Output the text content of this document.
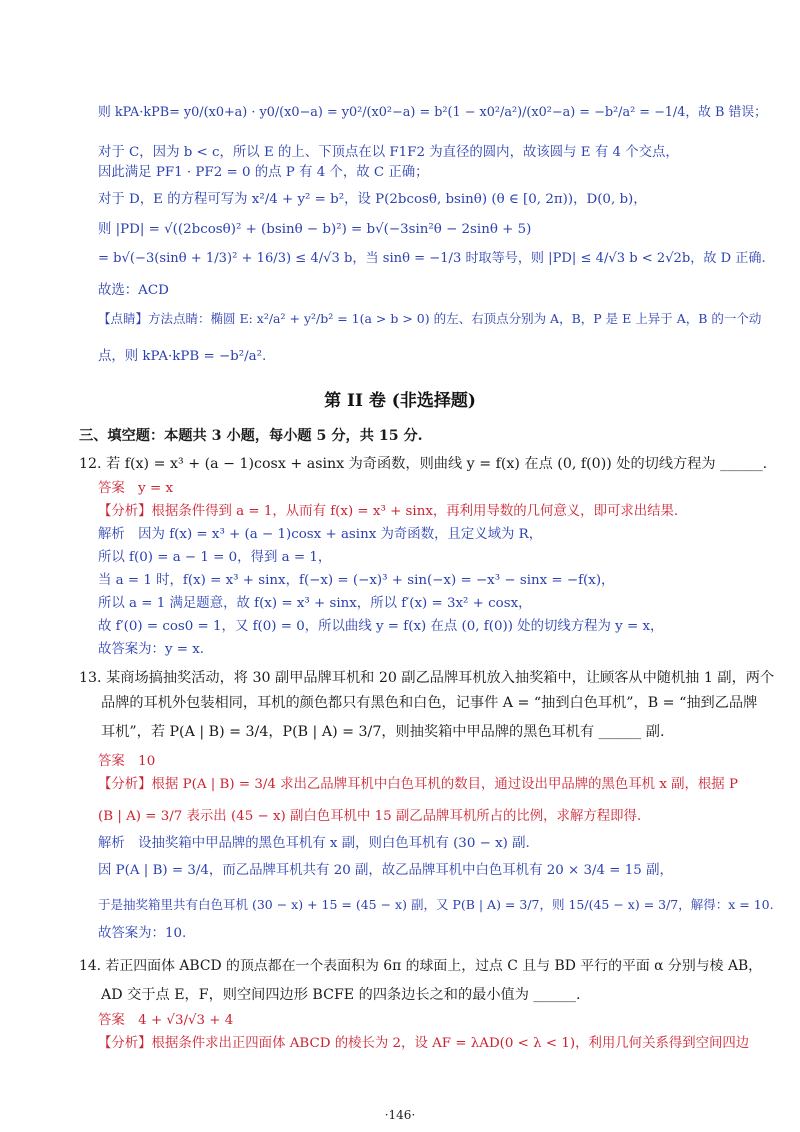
则 kPA·kPB= y0/(x0+a) · y0/(x0−a) = y0²/(x0²−a) = b²(1 − x0²/a²)/(x0²−a) = −b²/a² = −1/4，故 B 错误；
对于 C，因为 b < c，所以 E 的上、下顶点在以 F1F2 为直径的圆内，故该圆与 E 有 4 个交点，
因此满足 PF1 · PF2 = 0 的点 P 有 4 个，故 C 正确；
对于 D，E 的方程可写为 x²/4 + y² = b²，设 P(2bcosθ, bsinθ) (θ ∈ [0, 2π))，D(0, b)，
则 |PD| = √((2bcosθ)² + (bsinθ − b)²) = b√(−3sin²θ − 2sinθ + 5)
= b√(−3(sinθ + 1/3)² + 16/3) ≤ 4/√3 b，当 sinθ = −1/3 时取等号，则 |PD| ≤ 4/√3 b < 2√2b，故 D 正确.
故选：ACD
【点睛】方法点睛：椭圆 E: x²/a² + y²/b² = 1(a > b > 0) 的左、右顶点分别为 A，B，P 是 E 上异于 A，B 的一个动
点，则 kPA·kPB = −b²/a².
三、填空题：本题共 3 小题，每小题 5 分，共 15 分.
12. 若 f(x) = x³ + (a − 1)cosx + asinx 为奇函数，则曲线 y = f(x) 在点 (0, f(0)) 处的切线方程为 ______.
答案　y = x
【分析】根据条件得到 a = 1，从而有 f(x) = x³ + sinx，再利用导数的几何意义，即可求出结果.
解析　因为 f(x) = x³ + (a − 1)cosx + asinx 为奇函数，且定义域为 R，
所以 f(0) = a − 1 = 0，得到 a = 1，
当 a = 1 时，f(x) = x³ + sinx，f(−x) = (−x)³ + sin(−x) = −x³ − sinx = −f(x)，
所以 a = 1 满足题意，故 f(x) = x³ + sinx，所以 f′(x) = 3x² + cosx，
故 f′(0) = cos0 = 1，又 f(0) = 0，所以曲线 y = f(x) 在点 (0, f(0)) 处的切线方程为 y = x，
故答案为：y = x.
13. 某商场搞抽奖活动，将 30 副甲品牌耳机和 20 副乙品牌耳机放入抽奖箱中，让顾客从中随机抽 1 副，两个
品牌的耳机外包装相同，耳机的颜色都只有黑色和白色，记事件 A = “抽到白色耳机”，B = “抽到乙品牌
耳机”，若 P(A | B) = 3/4，P(B | A) = 3/7，则抽奖箱中甲品牌的黑色耳机有 ______ 副.
答案　10
【分析】根据 P(A | B) = 3/4 求出乙品牌耳机中白色耳机的数目，通过设出甲品牌的黑色耳机 x 副，根据 P
(B | A) = 3/7 表示出 (45 − x) 副白色耳机中 15 副乙品牌耳机所占的比例，求解方程即得.
解析　设抽奖箱中甲品牌的黑色耳机有 x 副，则白色耳机有 (30 − x) 副.
因 P(A | B) = 3/4，而乙品牌耳机共有 20 副，故乙品牌耳机中白色耳机有 20 × 3/4 = 15 副，
于是抽奖箱里共有白色耳机 (30 − x) + 15 = (45 − x) 副，又 P(B | A) = 3/7，则 15/(45 − x) = 3/7，解得：x = 10.
故答案为：10.
14. 若正四面体 ABCD 的顶点都在一个表面积为 6π 的球面上，过点 C 且与 BD 平行的平面 α 分别与棱 AB，
AD 交于点 E，F，则空间四边形 BCFE 的四条边长之和的最小值为 ______.
答案　4 + √3/√3 + 4
【分析】根据条件求出正四面体 ABCD 的棱长为 2，设 AF = λAD(0 < λ < 1)，利用几何关系得到空间四边
第 II 卷 (非选择题)
·146·
